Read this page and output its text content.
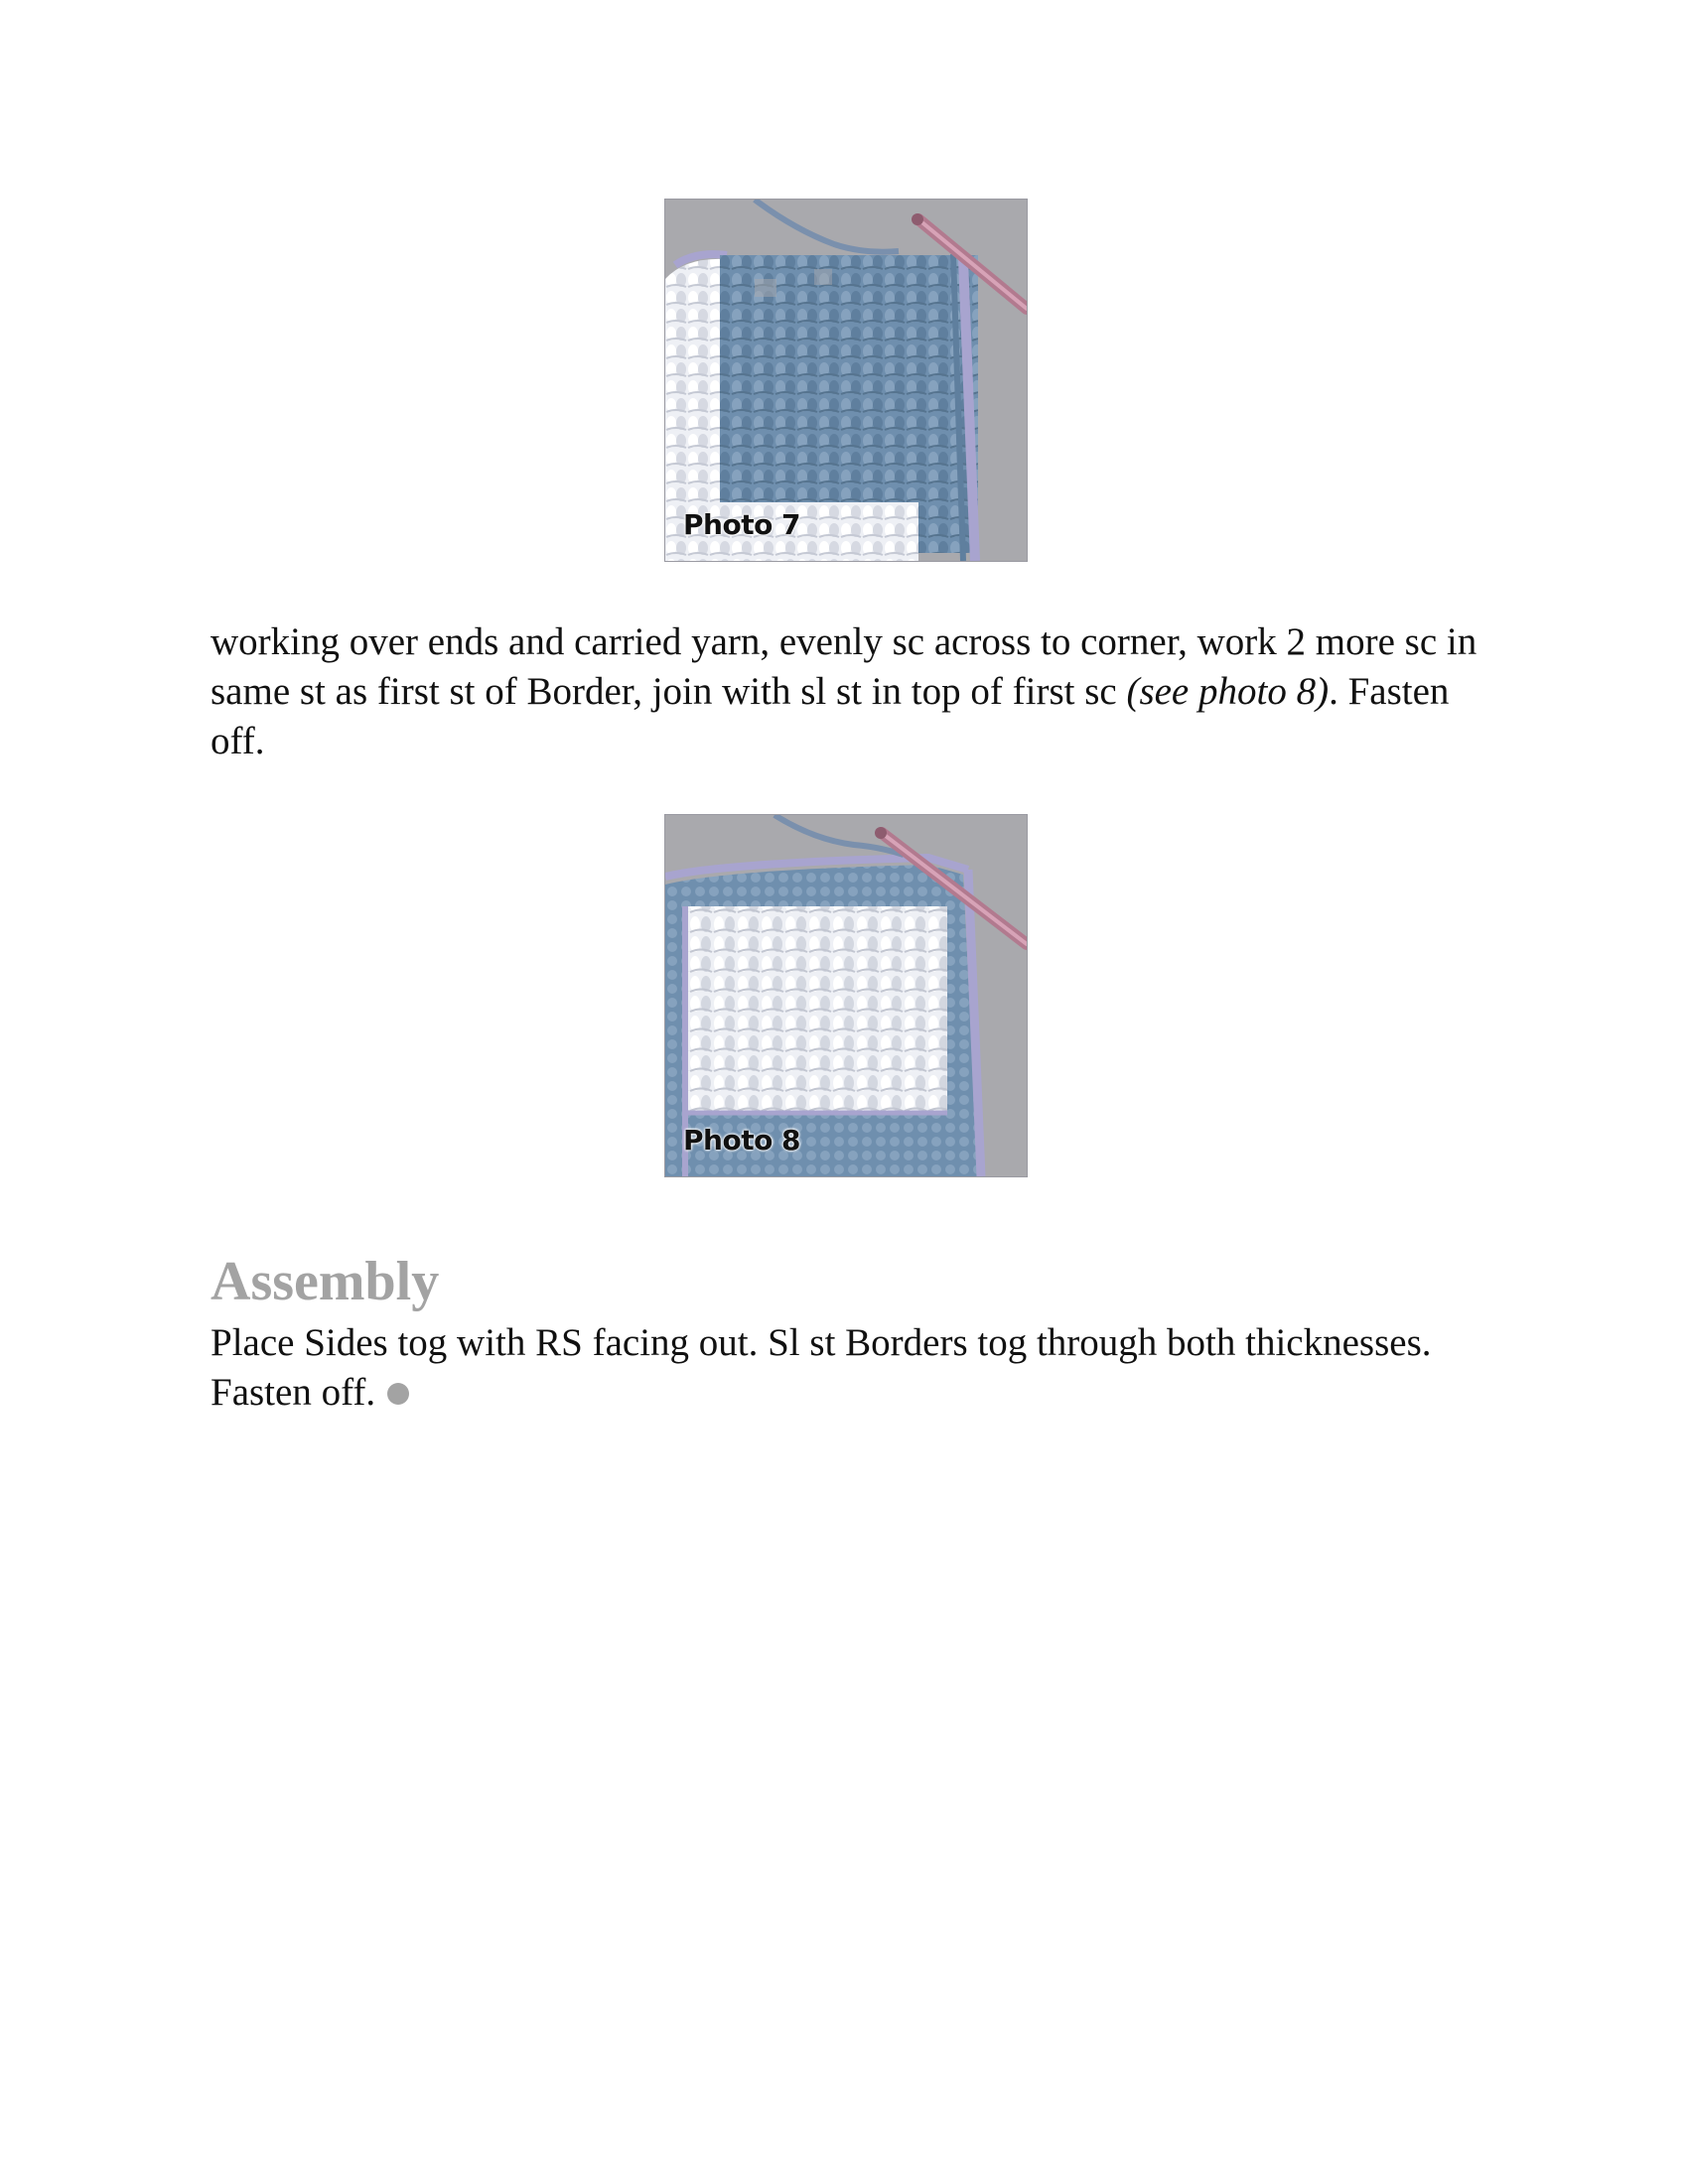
Photo 7

working over ends and carried yarn, evenly sc across to corner, work 2 more sc in same st as first st of Border, join with sl st in top of first sc (see photo 8). Fasten off.

Photo 8
Assembly

Place Sides tog with RS facing out. Sl st Borders tog through both thicknesses. Fasten off.
